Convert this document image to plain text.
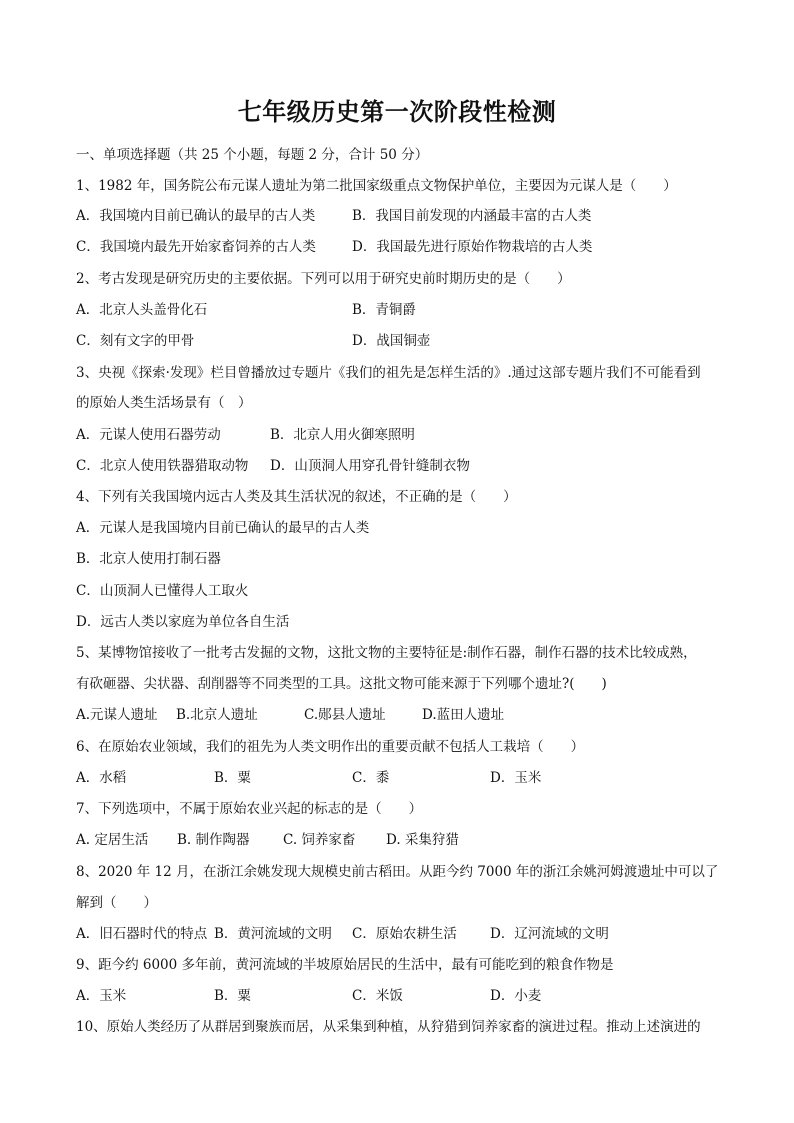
七年级历史第一次阶段性检测
一、单项选择题（共 25 个小题，每题 2 分，合计 50 分）
1、1982 年，国务院公布元谋人遗址为第二批国家级重点文物保护单位，主要因为元谋人是（　　）
A．我国境内目前已确认的最早的古人类	B．我国目前发现的内涵最丰富的古人类
C．我国境内最先开始家畜饲养的古人类	D．我国最先进行原始作物栽培的古人类
2、考古发现是研究历史的主要依据。下列可以用于研究史前时期历史的是（　　）
A．北京人头盖骨化石	B．青铜爵
C．刻有文字的甲骨	D．战国铜壶
3、央视《探索·发现》栏目曾播放过专题片《我们的祖先是怎样生活的》.通过这部专题片我们不可能看到
的原始人类生活场景有（　）
A．元谋人使用石器劳动	B．北京人用火御寒照明
C．北京人使用铁器猎取动物 D．山顶洞人用穿孔骨针缝制衣物
4、下列有关我国境内远古人类及其生活状况的叙述，不正确的是（　　）
A．元谋人是我国境内目前已确认的最早的古人类
B．北京人使用打制石器
C．山顶洞人已懂得人工取火
D．远古人类以家庭为单位各自生活
5、某博物馆接收了一批考古发掘的文物，这批文物的主要特征是:制作石器，制作石器的技术比较成熟，
有砍砸器、尖状器、刮削器等不同类型的工具。这批文物可能来源于下列哪个遗址?(　　)
A.元谋人遗址 B.北京人遗址	C.郧县人遗址	D.蓝田人遗址
6、在原始农业领域，我们的祖先为人类文明作出的重要贡献不包括人工栽培（　　）
A．水稻	B．粟	C．黍	D．玉米
7、下列选项中，不属于原始农业兴起的标志的是（　　）
A. 定居生活 B. 制作陶器 C. 饲养家畜 D. 采集狩猎
8、2020 年 12 月，在浙江余姚发现大规模史前古稻田。从距今约 7000 年的浙江余姚河姆渡遗址中可以了
解到（　　）
A．旧石器时代的特点 B．黄河流域的文明 C．原始农耕生活 D．辽河流域的文明
9、距今约 6000 多年前，黄河流域的半坡原始居民的生活中，最有可能吃到的粮食作物是
A．玉米	B．粟	C．米饭	D．小麦
10、原始人类经历了从群居到聚族而居，从采集到种植，从狩猎到饲养家畜的演进过程。推动上述演进的
